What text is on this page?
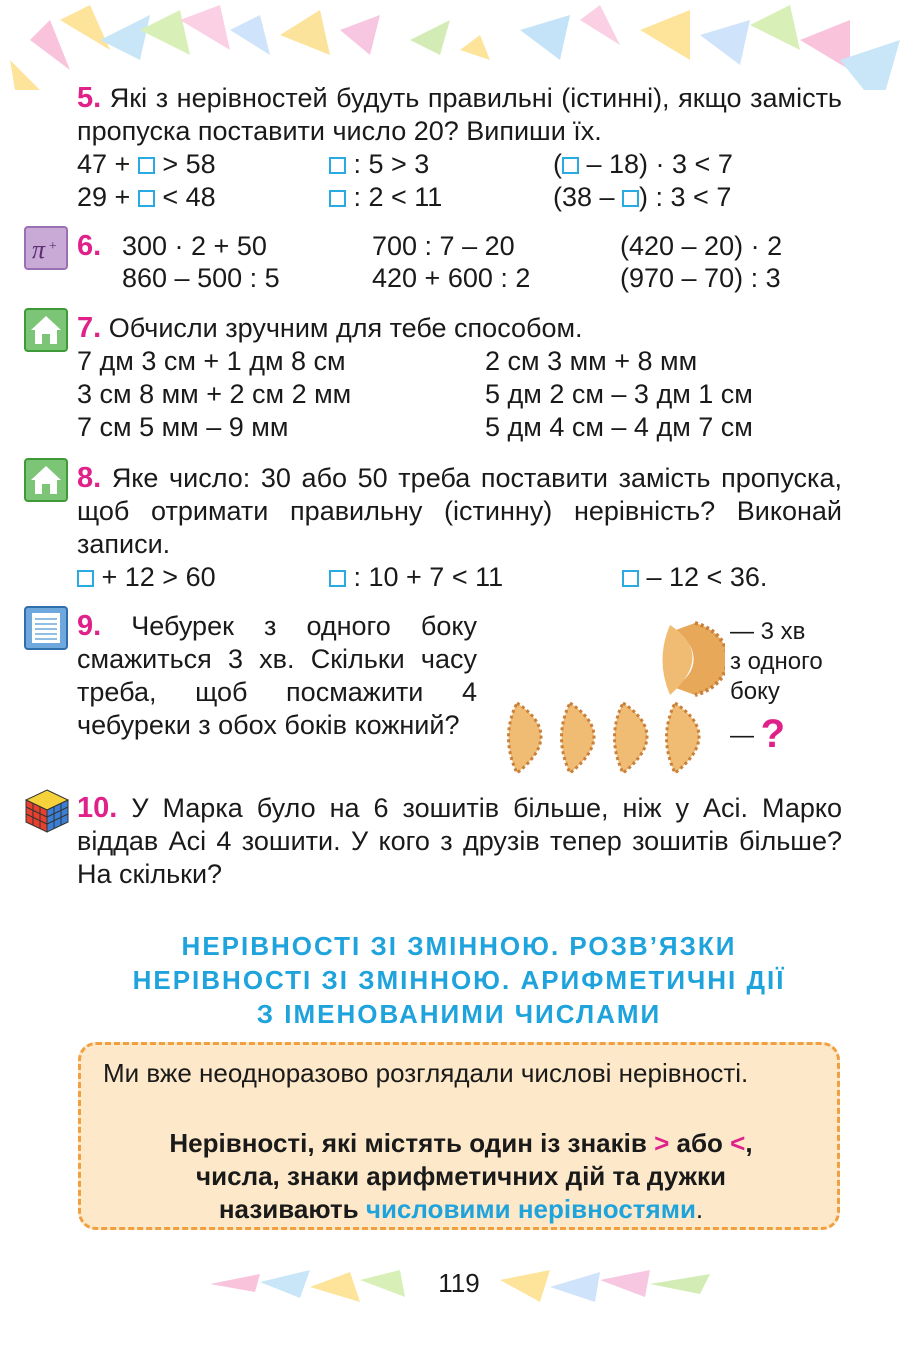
5. Які з нерівностей будуть правильні (істинні), якщо замість пропуска поставити число 20? Випиши їх.
47 +  > 58	: 5 > 3	( – 18) · 3 < 7
29 +  < 48	: 2 < 11	(38 – ) : 3 < 7
π + 6. 300 · 2 + 50	700 : 7 – 20	(420 – 20) · 2
860 – 500 : 5	420 + 600 : 2	(970 – 70) : 3
7. Обчисли зручним для тебе способом.
7 дм 3 см + 1 дм 8 см	2 см 3 мм + 8 мм
3 см 8 мм + 2 см 2 мм	5 дм 2 см – 3 дм 1 см
7 см 5 мм – 9 мм	5 дм 4 см – 4 дм 7 см
8. Яке число: 30 або 50 треба поставити замість пропуска, щоб отримати правильну (істинну) нерівність? Виконай записи.
+ 12 > 60	: 10 + 7 < 11	– 12 < 36.
9. Чебурек з одного боку смажиться 3 хв. Скільки часу треба, щоб посмажити 4 чебуреки з обох боків кожний?
— 3 хв
з одного
боку
— ?
10. У Марка було на 6 зошитів більше, ніж у Асі. Марко віддав Асі 4 зошити. У кого з друзів тепер зошитів більше? На скільки?
НЕРІВНОСТІ ЗІ ЗМІННОЮ. РОЗВ’ЯЗКИ
НЕРІВНОСТІ ЗІ ЗМІННОЮ. АРИФМЕТИЧНІ ДІЇ
З ІМЕНОВАНИМИ ЧИСЛАМИ
Ми вже неодноразово розглядали числові нерівності.
Нерівності, які містять один із знаків > або <,
числа, знаки арифметичних дій та дужки
називають числовими нерівностями.
119
